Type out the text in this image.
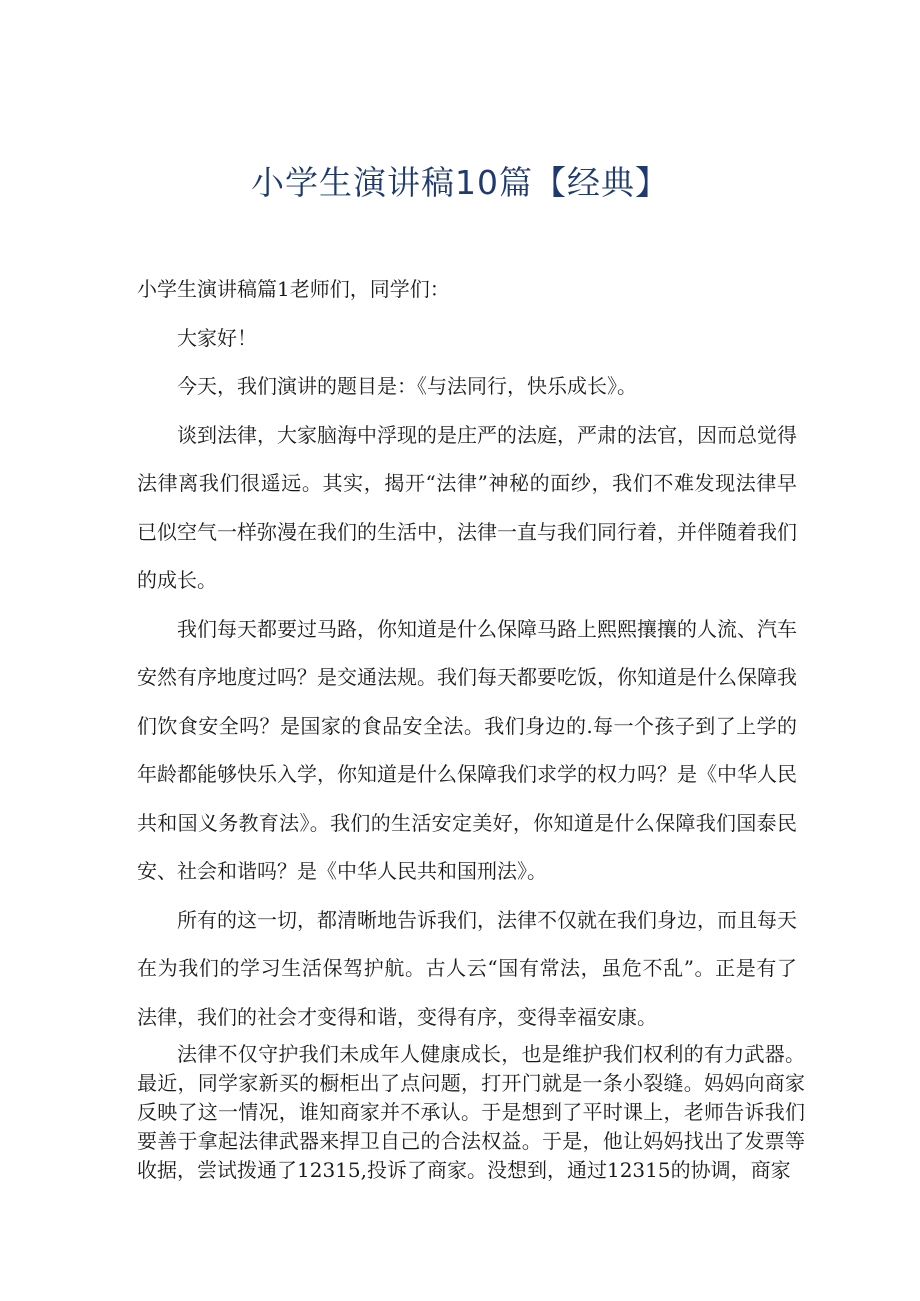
小学生演讲稿10篇【经典】

小学生演讲稿篇1老师们，同学们：

大家好！

今天，我们演讲的题目是：《与法同行，快乐成长》。

谈到法律，大家脑海中浮现的是庄严的法庭，严肃的法官，因而总觉得法律离我们很遥远。其实，揭开“法律”神秘的面纱，我们不难发现法律早已似空气一样弥漫在我们的生活中，法律一直与我们同行着，并伴随着我们的成长。

我们每天都要过马路，你知道是什么保障马路上熙熙攘攘的人流、汽车安然有序地度过吗？是交通法规。我们每天都要吃饭，你知道是什么保障我们饮食安全吗？是国家的食品安全法。我们身边的.每一个孩子到了上学的年龄都能够快乐入学，你知道是什么保障我们求学的权力吗？是《中华人民共和国义务教育法》。我们的生活安定美好，你知道是什么保障我们国泰民安、社会和谐吗？是《中华人民共和国刑法》。

所有的这一切，都清晰地告诉我们，法律不仅就在我们身边，而且每天在为我们的学习生活保驾护航。古人云“国有常法，虽危不乱”。正是有了法律，我们的社会才变得和谐，变得有序，变得幸福安康。

法律不仅守护我们未成年人健康成长，也是维护我们权利的有力武器。最近，同学家新买的橱柜出了点问题，打开门就是一条小裂缝。妈妈向商家反映了这一情况，谁知商家并不承认。于是想到了平时课上，老师告诉我们要善于拿起法律武器来捍卫自己的合法权益。于是，他让妈妈找出了发票等收据，尝试拨通了12315,投诉了商家。没想到，通过12315的协调，商家
